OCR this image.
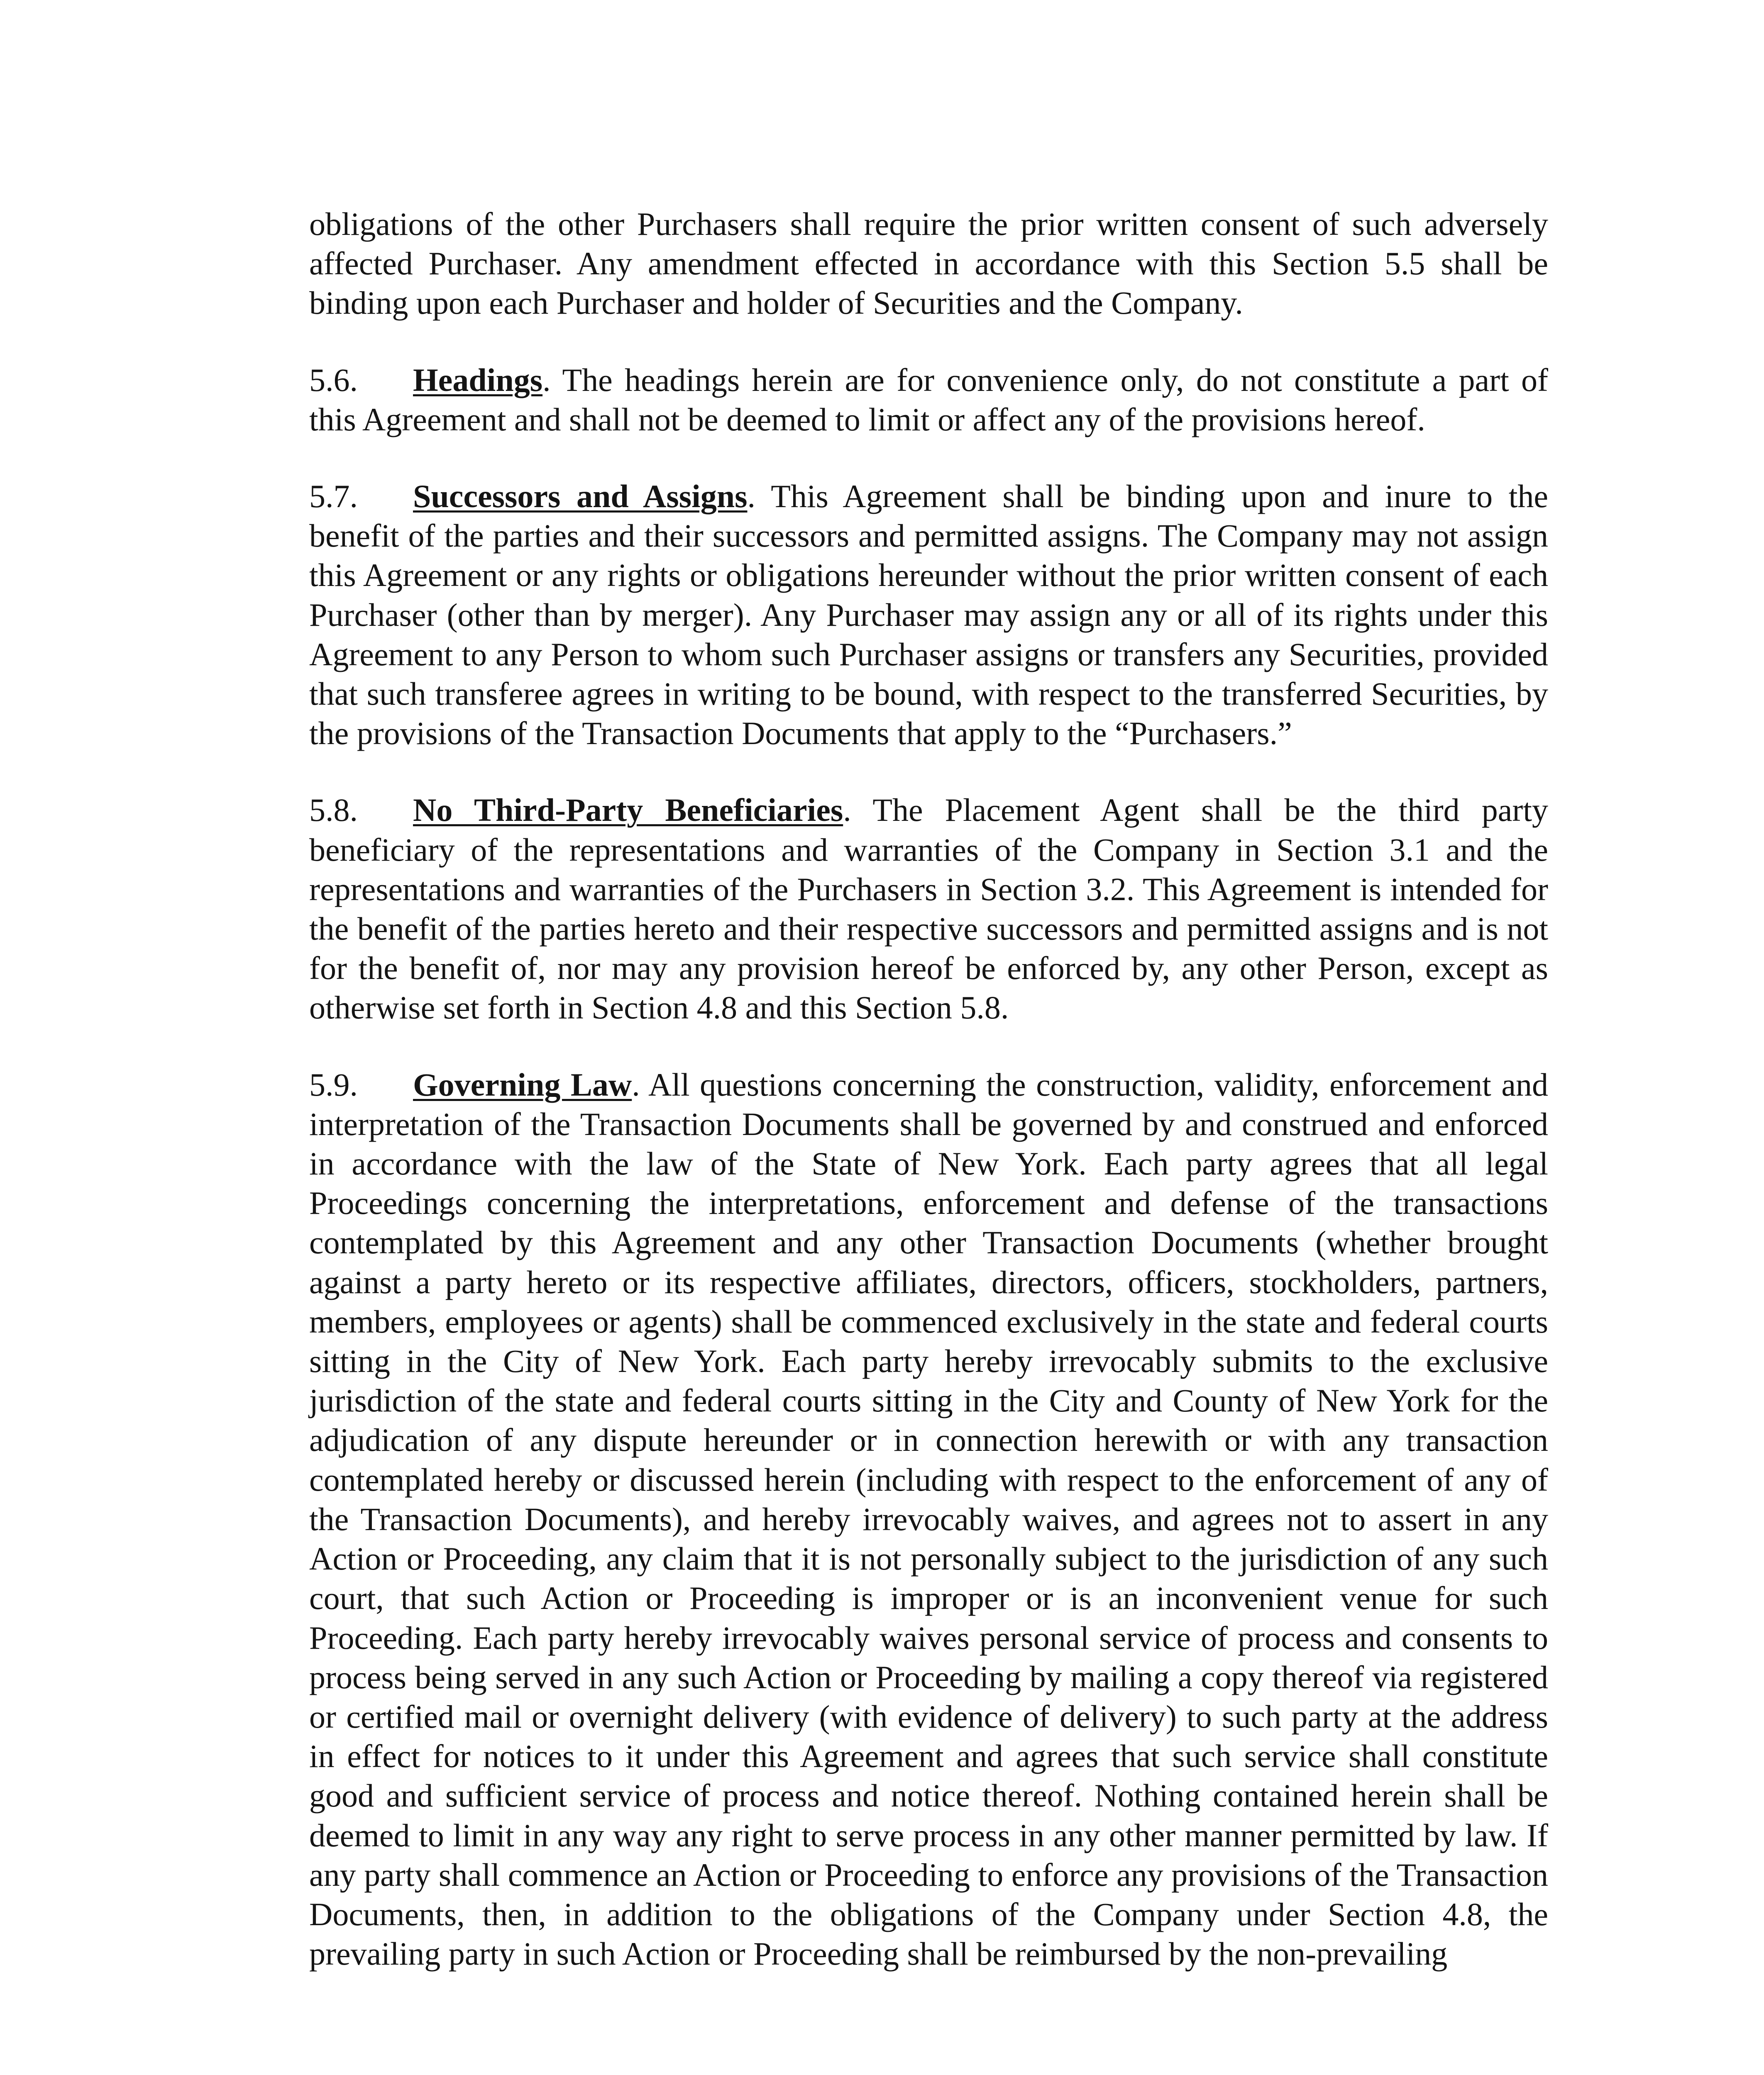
obligations of the other Purchasers shall require the prior written consent of such adversely affected Purchaser. Any amendment effected in accordance with this Section 5.5 shall be binding upon each Purchaser and holder of Securities and the Company.

5.6. Headings. The headings herein are for convenience only, do not constitute a part of this Agreement and shall not be deemed to limit or affect any of the provisions hereof.

5.7. Successors and Assigns. This Agreement shall be binding upon and inure to the benefit of the parties and their successors and permitted assigns. The Company may not assign this Agreement or any rights or obligations hereunder without the prior written consent of each Purchaser (other than by merger). Any Purchaser may assign any or all of its rights under this Agreement to any Person to whom such Purchaser assigns or transfers any Securities, provided that such transferee agrees in writing to be bound, with respect to the transferred Securities, by the provisions of the Transaction Documents that apply to the “Purchasers.”

5.8. No Third-Party Beneficiaries. The Placement Agent shall be the third party beneficiary of the representations and warranties of the Company in Section 3.1 and the representations and warranties of the Purchasers in Section 3.2. This Agreement is intended for the benefit of the parties hereto and their respective successors and permitted assigns and is not for the benefit of, nor may any provision hereof be enforced by, any other Person, except as otherwise set forth in Section 4.8 and this Section 5.8.

5.9. Governing Law. All questions concerning the construction, validity, enforcement and interpretation of the Transaction Documents shall be governed by and construed and enforced in accordance with the law of the State of New York. Each party agrees that all legal Proceedings concerning the interpretations, enforcement and defense of the transactions contemplated by this Agreement and any other Transaction Documents (whether brought against a party hereto or its respective affiliates, directors, officers, stockholders, partners, members, employees or agents) shall be commenced exclusively in the state and federal courts sitting in the City of New York. Each party hereby irrevocably submits to the exclusive jurisdiction of the state and federal courts sitting in the City and County of New York for the adjudication of any dispute hereunder or in connection herewith or with any transaction contemplated hereby or discussed herein (including with respect to the enforcement of any of the Transaction Documents), and hereby irrevocably waives, and agrees not to assert in any Action or Proceeding, any claim that it is not personally subject to the jurisdiction of any such court, that such Action or Proceeding is improper or is an inconvenient venue for such Proceeding. Each party hereby irrevocably waives personal service of process and consents to process being served in any such Action or Proceeding by mailing a copy thereof via registered or certified mail or overnight delivery (with evidence of delivery) to such party at the address in effect for notices to it under this Agreement and agrees that such service shall constitute good and sufficient service of process and notice thereof. Nothing contained herein shall be deemed to limit in any way any right to serve process in any other manner permitted by law. If any party shall commence an Action or Proceeding to enforce any provisions of the Transaction Documents, then, in addition to the obligations of the Company under Section 4.8, the prevailing party in such Action or Proceeding shall be reimbursed by the non-prevailing
